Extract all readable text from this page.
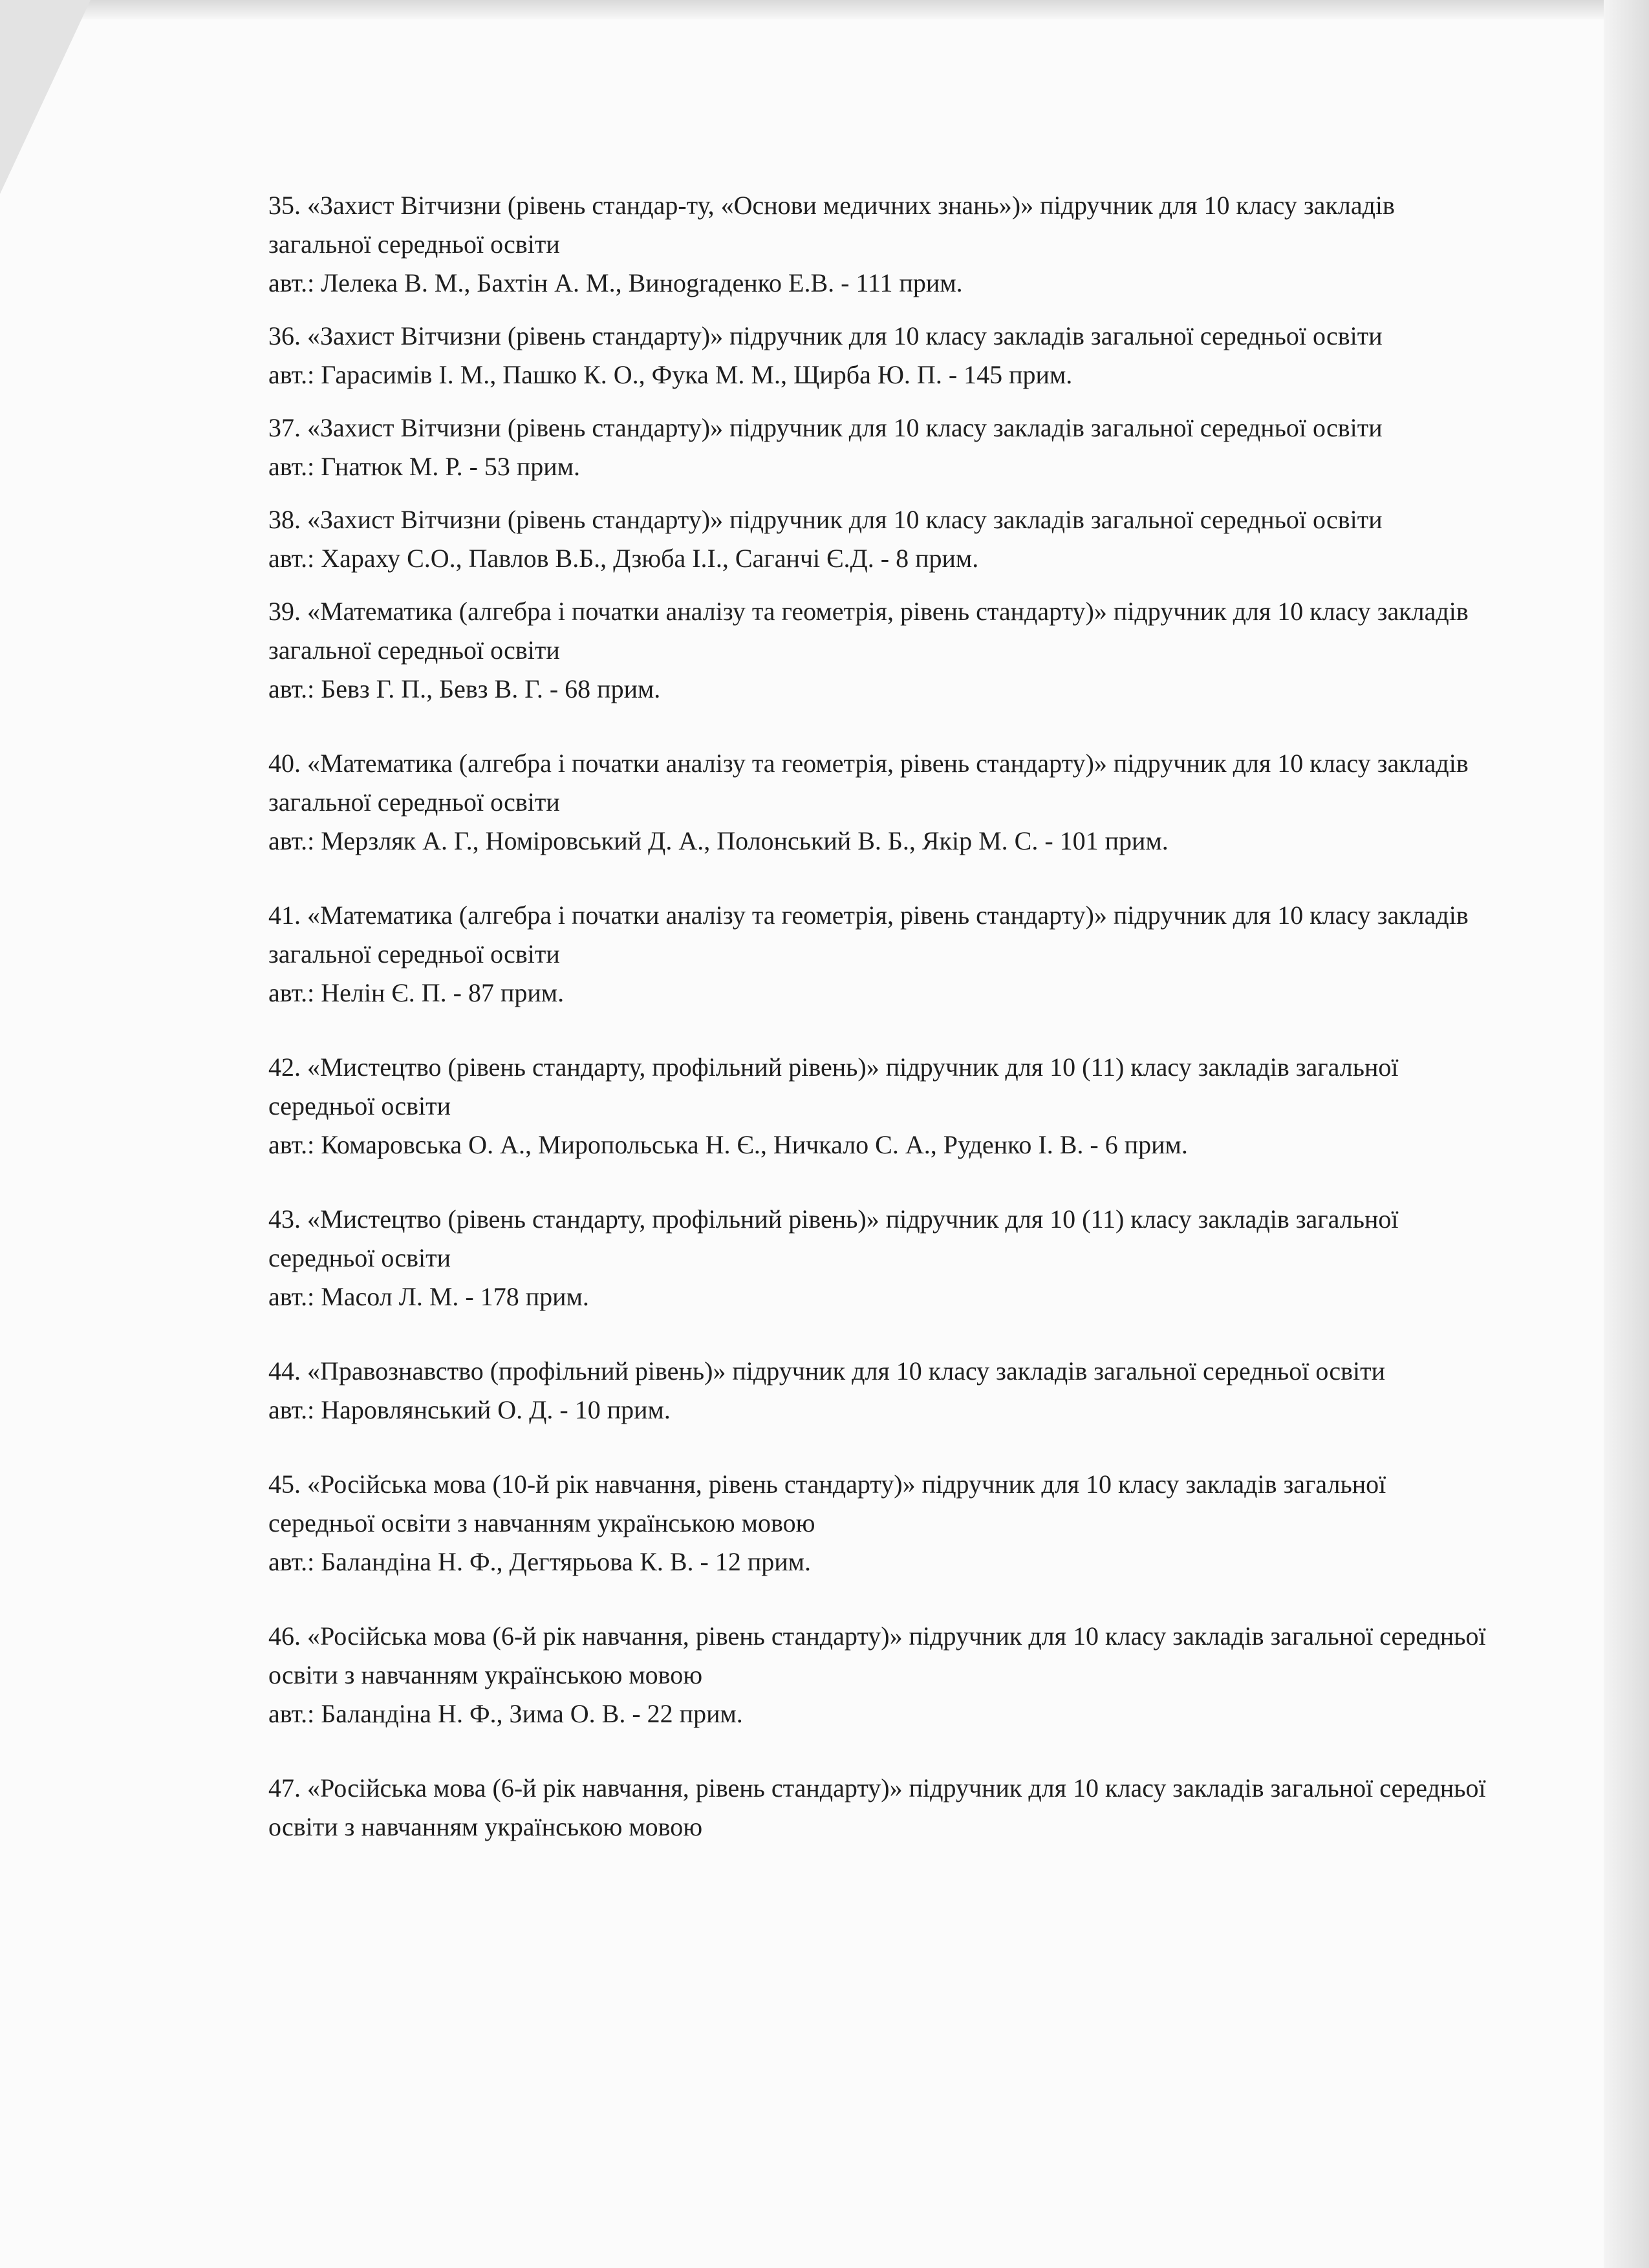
35. «Захист Вітчизни (рівень стандар-ту, «Основи медичних знань»)» підручник для 10 класу закладів загальної середньої освіти
авт.: Лелека В. М., Бахтін А. М., Винograденко Е.В. - 111 прим.
36. «Захист Вітчизни (рівень стандарту)» підручник для 10 класу закладів загальної середньої освіти
авт.: Гарасимів І. М., Пашко К. О., Фука М. М., Щирба Ю. П. - 145 прим.
37. «Захист Вітчизни (рівень стандарту)» підручник для 10 класу закладів загальної середньої освіти
авт.: Гнатюк М. Р. - 53 прим.
38. «Захист Вітчизни (рівень стандарту)» підручник для 10 класу закладів загальної середньої освіти
авт.: Хараху С.О., Павлов В.Б., Дзюба І.І., Саганчі Є.Д. - 8 прим.
39. «Математика (алгебра і початки аналізу та геометрія, рівень стандарту)» підручник для 10 класу закладів загальної середньої освіти
авт.: Бевз Г. П., Бевз В. Г. - 68 прим.
40. «Математика (алгебра і початки аналізу та геометрія, рівень стандарту)» підручник для 10 класу закладів загальної середньої освіти
авт.: Мерзляк А. Г., Номіровський Д. А., Полонський В. Б., Якір М. С. - 101 прим.
41. «Математика (алгебра і початки аналізу та геометрія, рівень стандарту)» підручник для 10 класу закладів загальної середньої освіти
авт.: Нелін Є. П. - 87 прим.
42. «Мистецтво (рівень стандарту, профільний рівень)» підручник для 10 (11) класу закладів загальної середньої освіти
авт.: Комаровська О. А., Миропольська Н. Є., Ничкало С. А., Руденко І. В. - 6 прим.
43. «Мистецтво (рівень стандарту, профільний рівень)» підручник для 10 (11) класу закладів загальної середньої освіти
авт.: Масол Л. М. - 178 прим.
44. «Правознавство (профільний рівень)» підручник для 10 класу закладів загальної середньої освіти
авт.: Наровлянський О. Д. - 10 прим.
45. «Російська мова (10-й рік навчання, рівень стандарту)» підручник для 10 класу закладів загальної середньої освіти з навчанням українською мовою
авт.: Баландіна Н. Ф., Дегтярьова К. В. - 12 прим.
46. «Російська мова (6-й рік навчання, рівень стандарту)» підручник для 10 класу закладів загальної середньої освіти з навчанням українською мовою
авт.: Баландіна Н. Ф., Зима О. В. - 22 прим.
47. «Російська мова (6-й рік навчання, рівень стандарту)» підручник для 10 класу закладів загальної середньої освіти з навчанням українською мовою
